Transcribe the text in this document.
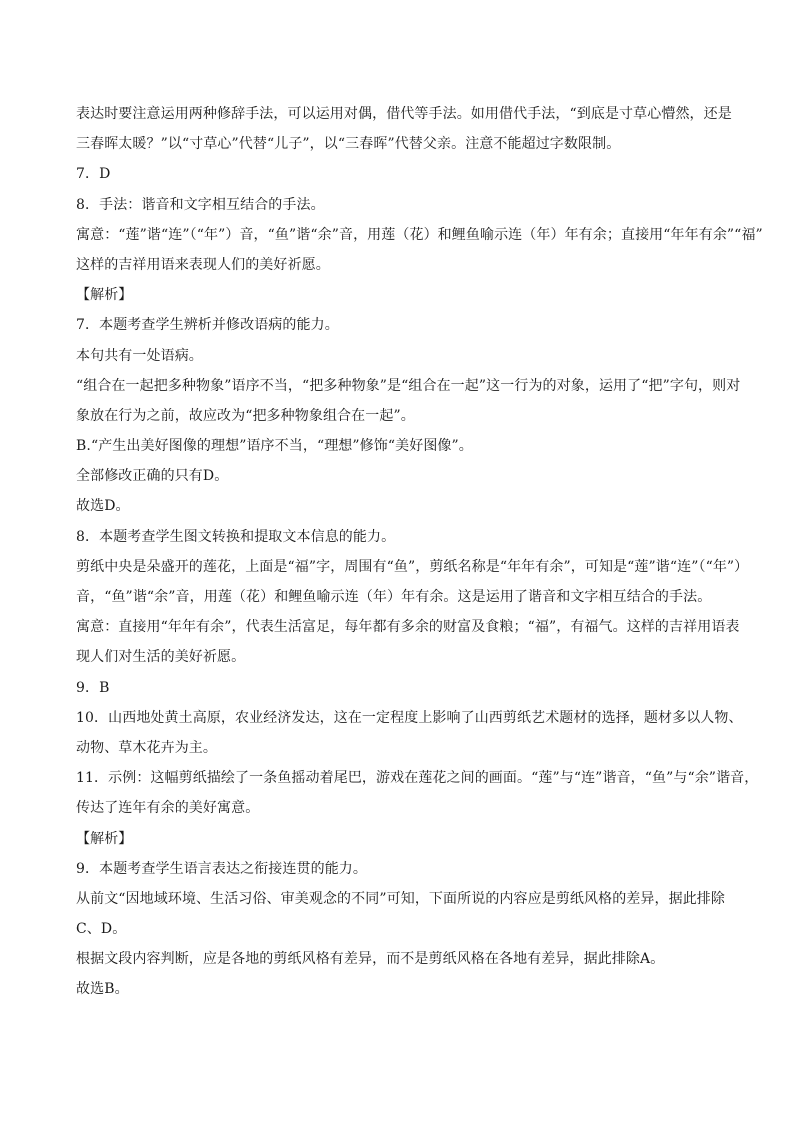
表达时要注意运用两种修辞手法，可以运用对偶，借代等手法。如用借代手法，“到底是寸草心懵然，还是
三春晖太暖？”以“寸草心”代替“儿子”，以“三春晖”代替父亲。注意不能超过字数限制。
7．D
8．手法：谐音和文字相互结合的手法。
寓意：“莲”谐“连”（“年”）音，“鱼”谐“余”音，用莲（花）和鲤鱼喻示连（年）年有余；直接用“年年有余”“福”
这样的吉祥用语来表现人们的美好祈愿。
【解析】
7．本题考查学生辨析并修改语病的能力。
本句共有一处语病。
“组合在一起把多种物象”语序不当，“把多种物象”是“组合在一起”这一行为的对象，运用了“把”字句，则对
象放在行为之前，故应改为“把多种物象组合在一起”。
B.“产生出美好图像的理想”语序不当，“理想”修饰“美好图像”。
全部修改正确的只有D。
故选D。
8．本题考查学生图文转换和提取文本信息的能力。
剪纸中央是朵盛开的莲花，上面是“福”字，周围有“鱼”，剪纸名称是“年年有余”，可知是“莲”谐“连”（“年”）
音，“鱼”谐“余”音，用莲（花）和鲤鱼喻示连（年）年有余。这是运用了谐音和文字相互结合的手法。
寓意：直接用“年年有余”，代表生活富足，每年都有多余的财富及食粮；“福”，有福气。这样的吉祥用语表
现人们对生活的美好祈愿。
9．B
10．山西地处黄土高原，农业经济发达，这在一定程度上影响了山西剪纸艺术题材的选择，题材多以人物、
动物、草木花卉为主。
11．示例：这幅剪纸描绘了一条鱼摇动着尾巴，游戏在莲花之间的画面。“莲”与“连”谐音，“鱼”与“余”谐音，
传达了连年有余的美好寓意。
【解析】
9．本题考查学生语言表达之衔接连贯的能力。
从前文“因地域环境、生活习俗、审美观念的不同”可知，下面所说的内容应是剪纸风格的差异，据此排除
C、D。
根据文段内容判断，应是各地的剪纸风格有差异，而不是剪纸风格在各地有差异，据此排除A。
故选B。
